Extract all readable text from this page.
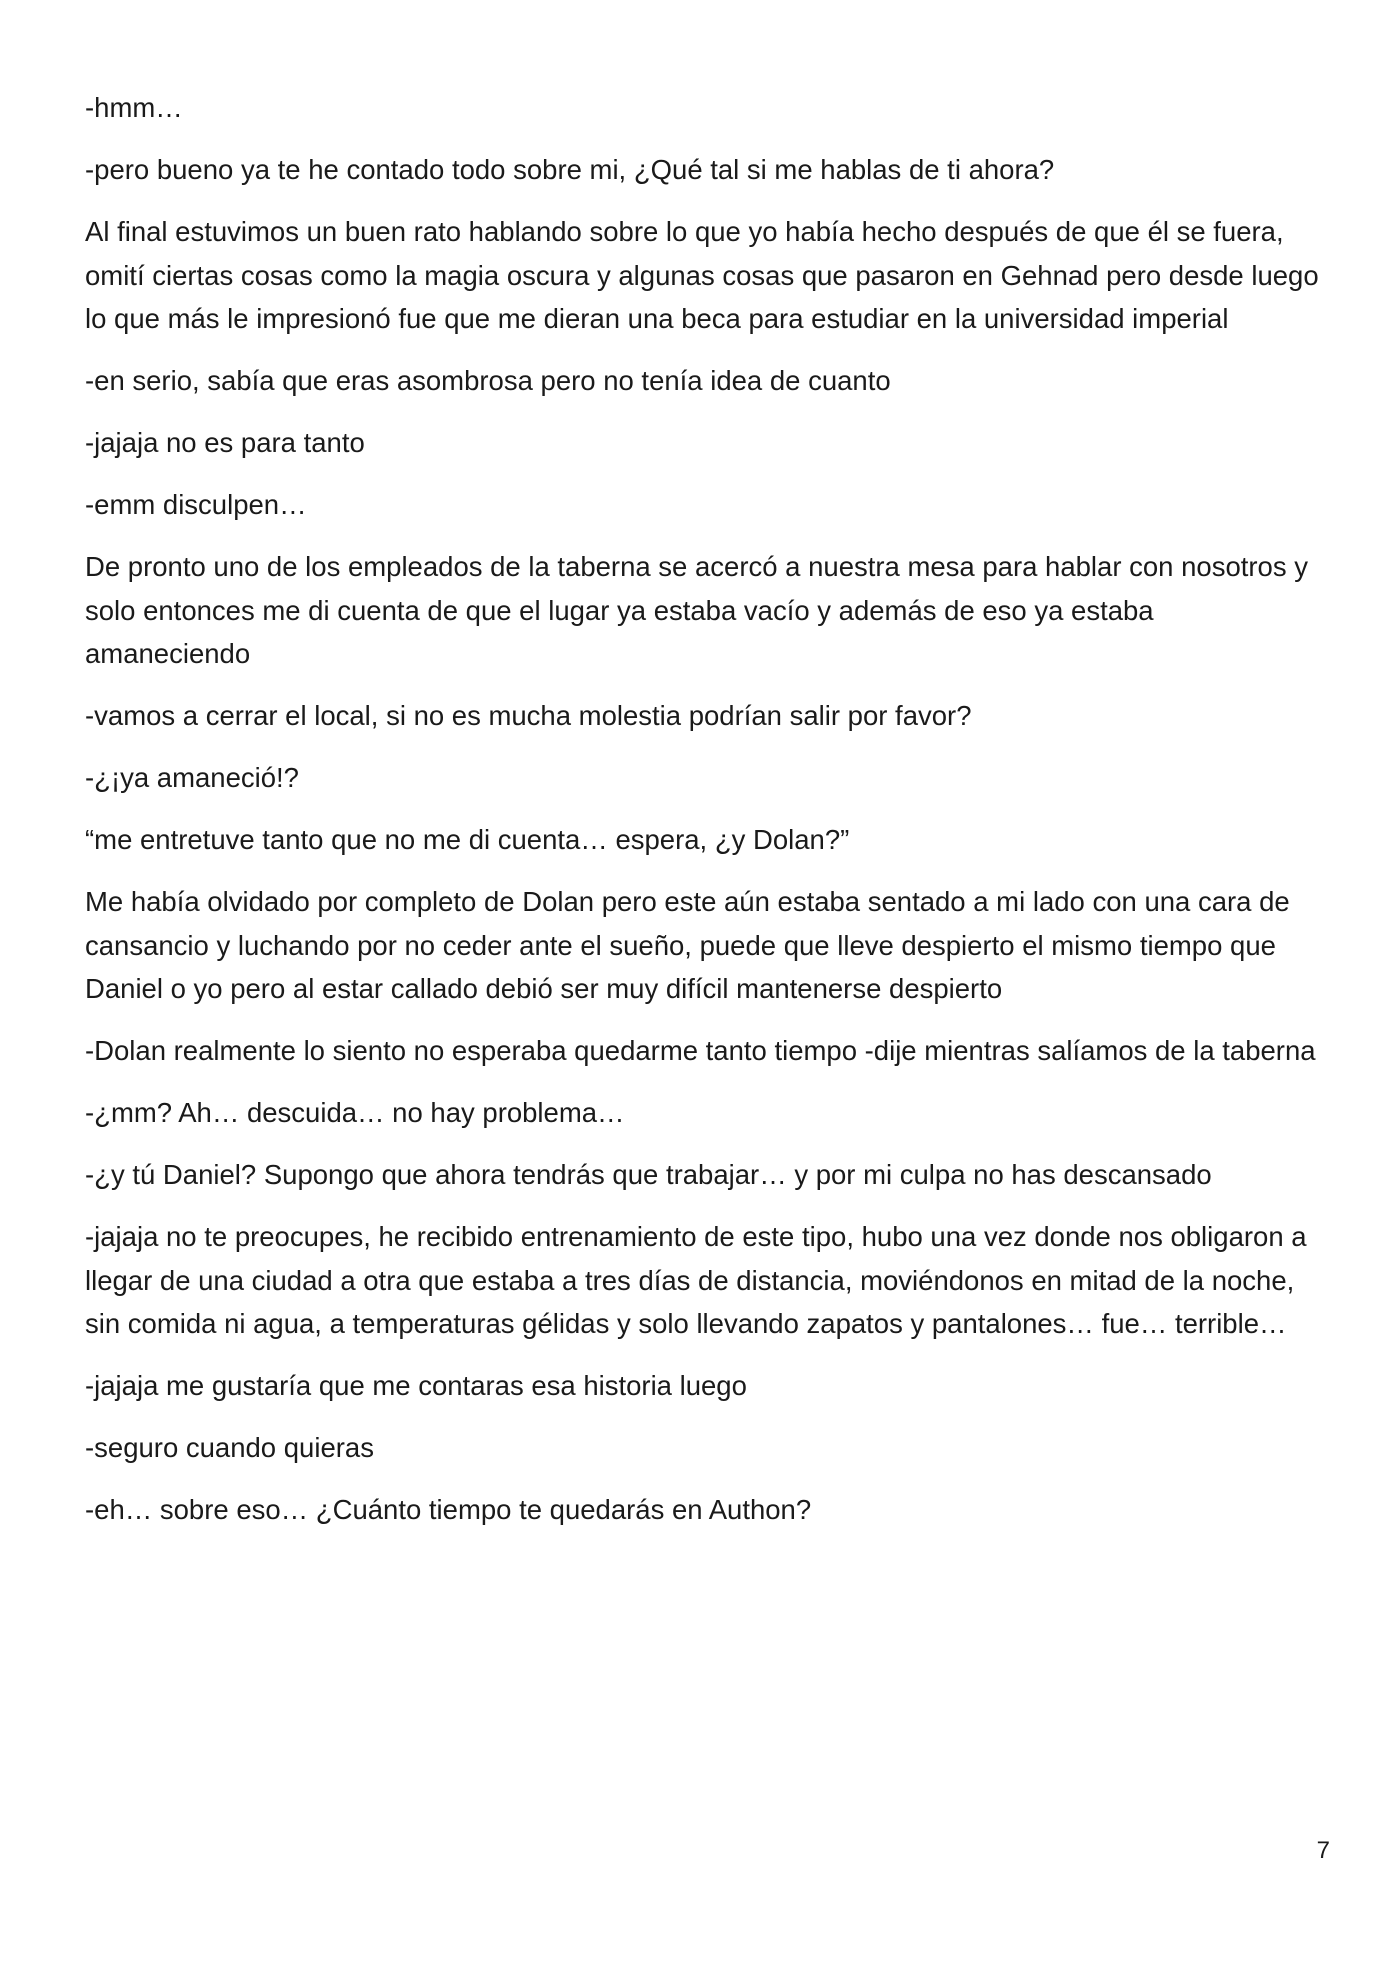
-hmm…

-pero bueno ya te he contado todo sobre mi, ¿Qué tal si me hablas de ti ahora?

Al final estuvimos un buen rato hablando sobre lo que yo había hecho después de que él se fuera, omití ciertas cosas como la magia oscura y algunas cosas que pasaron en Gehnad pero desde luego lo que más le impresionó fue que me dieran una beca para estudiar en la universidad imperial

-en serio, sabía que eras asombrosa pero no tenía idea de cuanto

-jajaja no es para tanto

-emm disculpen…

De pronto uno de los empleados de la taberna se acercó a nuestra mesa para hablar con nosotros y solo entonces me di cuenta de que el lugar ya estaba vacío y además de eso ya estaba amaneciendo

-vamos a cerrar el local, si no es mucha molestia podrían salir por favor?

-¿¡ya amaneció!?

“me entretuve tanto que no me di cuenta… espera, ¿y Dolan?”

Me había olvidado por completo de Dolan pero este aún estaba sentado a mi lado con una cara de cansancio y luchando por no ceder ante el sueño, puede que lleve despierto el mismo tiempo que Daniel o yo pero al estar callado debió ser muy difícil mantenerse despierto

-Dolan realmente lo siento no esperaba quedarme tanto tiempo -dije mientras salíamos de la taberna

-¿mm? Ah… descuida… no hay problema…

-¿y tú Daniel? Supongo que ahora tendrás que trabajar… y por mi culpa no has descansado

-jajaja no te preocupes, he recibido entrenamiento de este tipo, hubo una vez donde nos obligaron a llegar de una ciudad a otra que estaba a tres días de distancia, moviéndonos en mitad de la noche, sin comida ni agua, a temperaturas gélidas y solo llevando zapatos y pantalones… fue… terrible…

-jajaja me gustaría que me contaras esa historia luego

-seguro cuando quieras

-eh… sobre eso… ¿Cuánto tiempo te quedarás en Authon?

7
